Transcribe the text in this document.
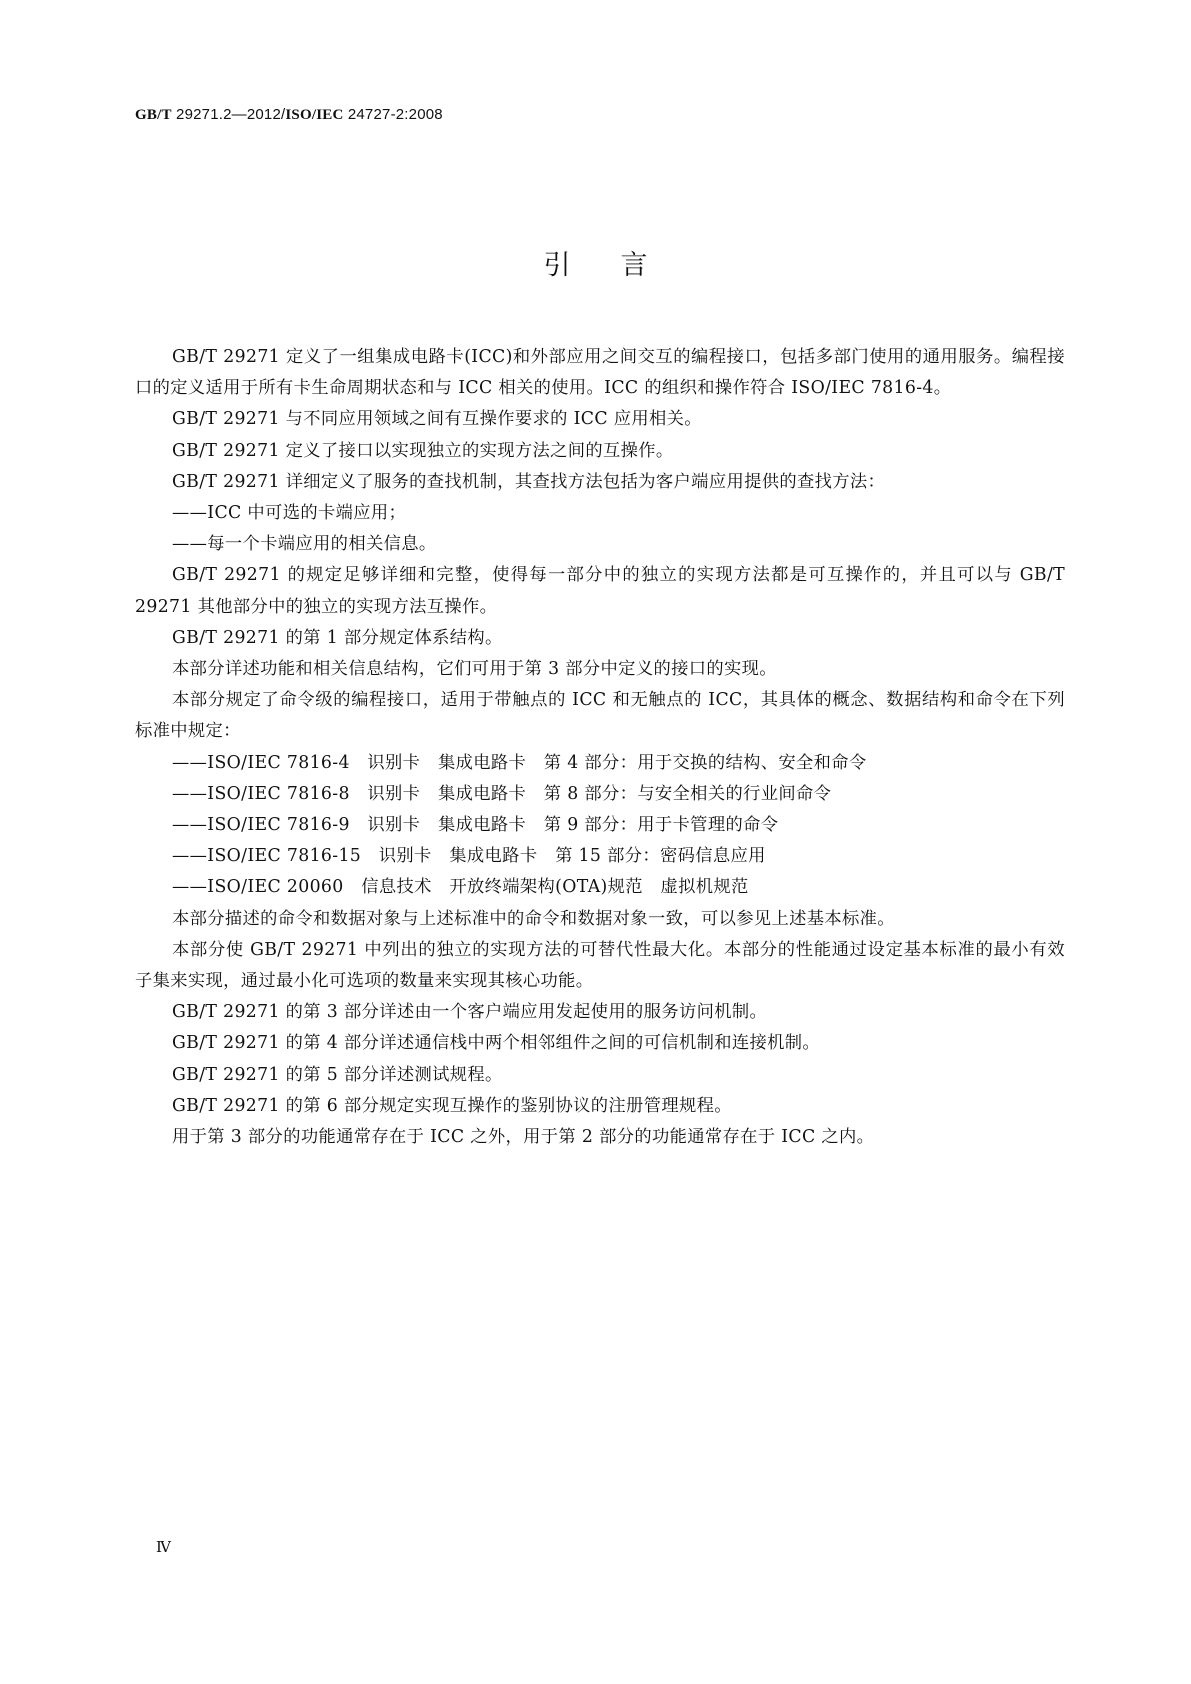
GB/T 29271.2—2012/ISO/IEC 24727-2:2008
引言

GB/T 29271 定义了一组集成电路卡(ICC)和外部应用之间交互的编程接口，包括多部门使用的通用服务。编程接口的定义适用于所有卡生命周期状态和与 ICC 相关的使用。ICC 的组织和操作符合 ISO/IEC 7816-4。

GB/T 29271 与不同应用领域之间有互操作要求的 ICC 应用相关。

GB/T 29271 定义了接口以实现独立的实现方法之间的互操作。

GB/T 29271 详细定义了服务的查找机制，其查找方法包括为客户端应用提供的查找方法：

——ICC 中可选的卡端应用；

——每一个卡端应用的相关信息。

GB/T 29271 的规定足够详细和完整，使得每一部分中的独立的实现方法都是可互操作的，并且可以与 GB/T 29271 其他部分中的独立的实现方法互操作。

GB/T 29271 的第 1 部分规定体系结构。

本部分详述功能和相关信息结构，它们可用于第 3 部分中定义的接口的实现。

本部分规定了命令级的编程接口，适用于带触点的 ICC 和无触点的 ICC，其具体的概念、数据结构和命令在下列标准中规定：

——ISO/IEC 7816-4　识别卡　集成电路卡　第 4 部分：用于交换的结构、安全和命令

——ISO/IEC 7816-8　识别卡　集成电路卡　第 8 部分：与安全相关的行业间命令

——ISO/IEC 7816-9　识别卡　集成电路卡　第 9 部分：用于卡管理的命令

——ISO/IEC 7816-15　识别卡　集成电路卡　第 15 部分：密码信息应用

——ISO/IEC 20060　信息技术　开放终端架构(OTA)规范　虚拟机规范

本部分描述的命令和数据对象与上述标准中的命令和数据对象一致，可以参见上述基本标准。

本部分使 GB/T 29271 中列出的独立的实现方法的可替代性最大化。本部分的性能通过设定基本标准的最小有效子集来实现，通过最小化可选项的数量来实现其核心功能。

GB/T 29271 的第 3 部分详述由一个客户端应用发起使用的服务访问机制。

GB/T 29271 的第 4 部分详述通信栈中两个相邻组件之间的可信机制和连接机制。

GB/T 29271 的第 5 部分详述测试规程。

GB/T 29271 的第 6 部分规定实现互操作的鉴别协议的注册管理规程。

用于第 3 部分的功能通常存在于 ICC 之外，用于第 2 部分的功能通常存在于 ICC 之内。

Ⅳ
